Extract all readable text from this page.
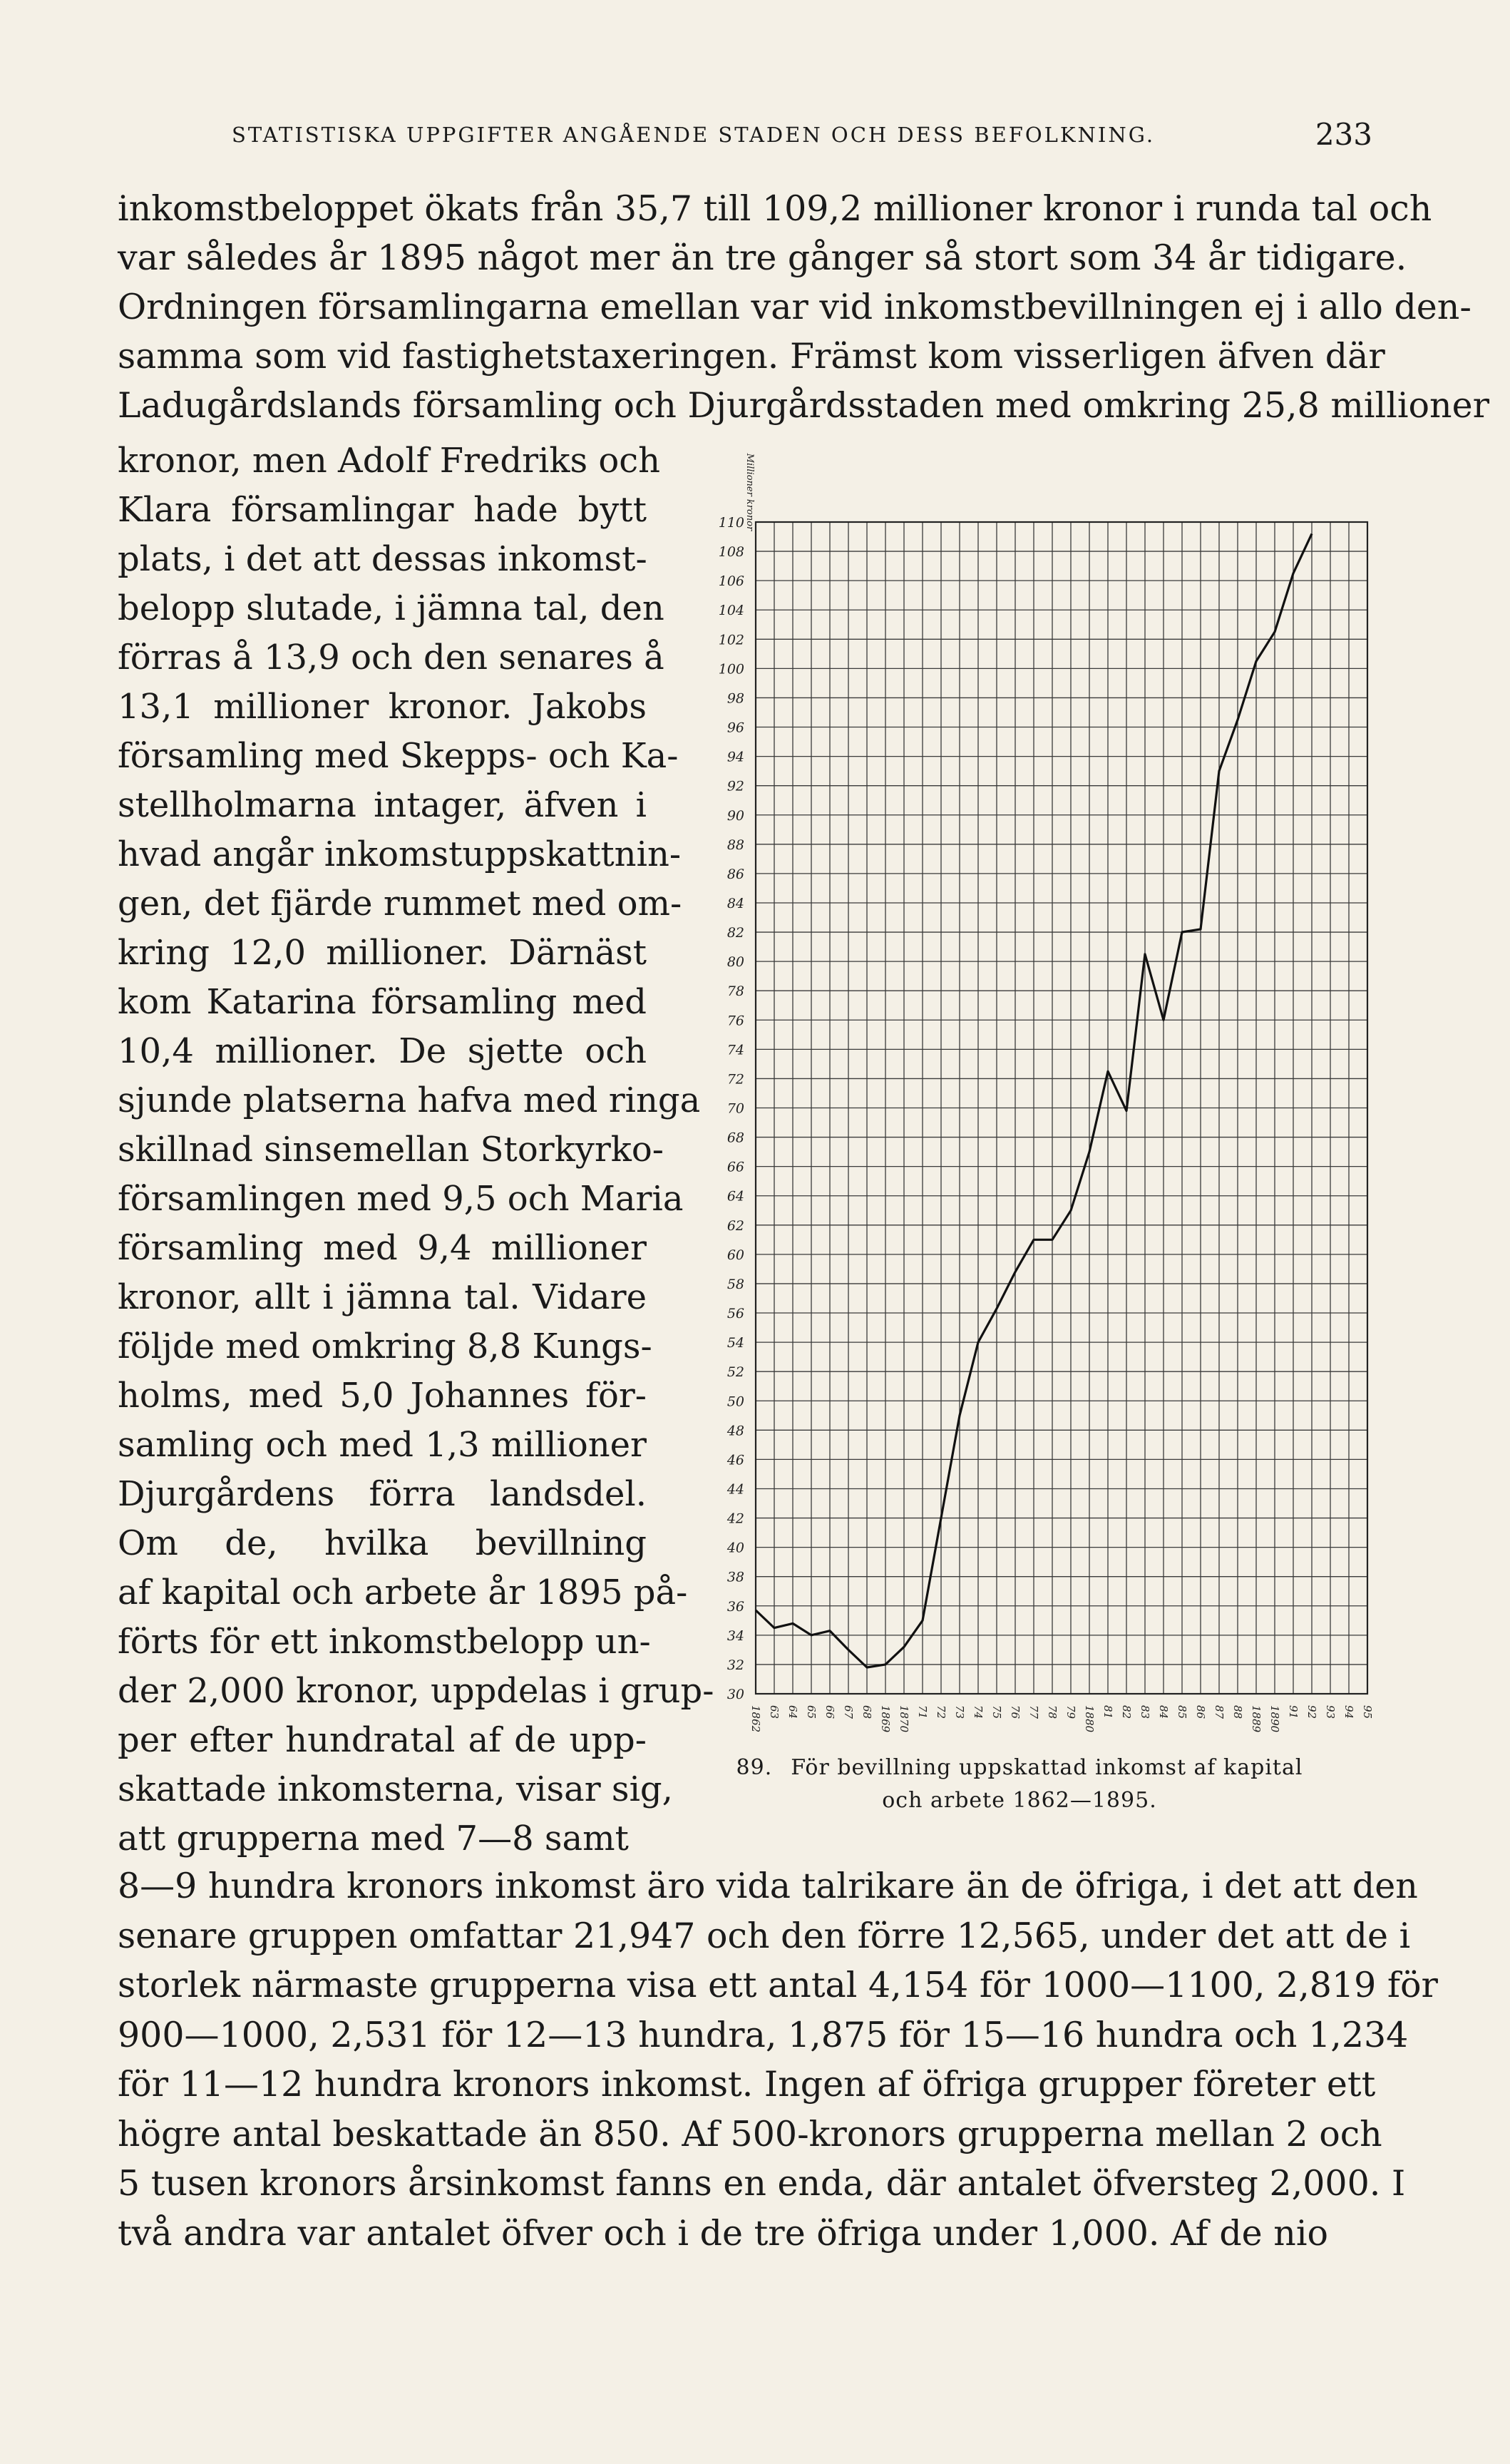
STATISTISKA UPPGIFTER ANGÅENDE STADEN OCH DESS BEFOLKNING.	233
inkomstbeloppet ökats från 35,7 till 109,2 millioner kronor i runda tal och
var således år 1895 något mer än tre gånger så stort som 34 år tidigare.
Ordningen församlingarna emellan var vid inkomstbevillningen ej i allo den-
samma som vid fastighetstaxeringen. Främst kom visserligen äfven där
Ladugårdslands församling och Djurgårdsstaden med omkring 25,8 millioner
kronor, men Adolf Fredriks och
Klara församlingar hade bytt
plats, i det att dessas inkomst-
belopp slutade, i jämna tal, den
förras å 13,9 och den senares å
13,1 millioner kronor. Jakobs
församling med Skepps- och Ka-
stellholmarna intager, äfven i
hvad angår inkomstuppskattnin-
gen, det fjärde rummet med om-
kring 12,0 millioner. Därnäst
kom Katarina församling med
10,4 millioner. De sjette och
sjunde platserna hafva med ringa
skillnad sinsemellan Storkyrko-
församlingen med 9,5 och Maria
församling med 9,4 millioner
kronor, allt i jämna tal. Vidare
följde med omkring 8,8 Kungs-
holms, med 5,0 Johannes för-
samling och med 1,3 millioner
Djurgårdens förra landsdel.
Om de, hvilka bevillning
af kapital och arbete år 1895 på-
förts för ett inkomstbelopp un-
der 2,000 kronor, uppdelas i grup-
per efter hundratal af de upp-
skattade inkomsterna, visar sig,
att grupperna med 7—8 samt
8—9 hundra kronors inkomst äro vida talrikare än de öfriga, i det att den
senare gruppen omfattar 21,947 och den förre 12,565, under det att de i
storlek närmaste grupperna visa ett antal 4,154 för 1000—1100, 2,819 för
900—1000, 2,531 för 12—13 hundra, 1,875 för 15—16 hundra och 1,234
för 11—12 hundra kronors inkomst. Ingen af öfriga grupper företer ett
högre antal beskattade än 850. Af 500-kronors grupperna mellan 2 och
5 tusen kronors årsinkomst fanns en enda, där antalet öfversteg 2,000. I
två andra var antalet öfver och i de tre öfriga under 1,000. Af de nio
30
32
34
36
38
40
42
44
46
48
50
52
54
56
58
60
62
64
66
68
70
72
74
76
78
80
82
84
86
88
90
92
94
96
98
100
102
104
106
108
110 Millioner kronor
1862 63 64 65 66 67 68 1869 1870 71 72 73 74 75 76 77 78 79 1880 81 82 83 84 85 86 87 88 1889 1890 91 92 93 94 95
89. För bevillning uppskattad inkomst af kapital
och arbete 1862—1895.
